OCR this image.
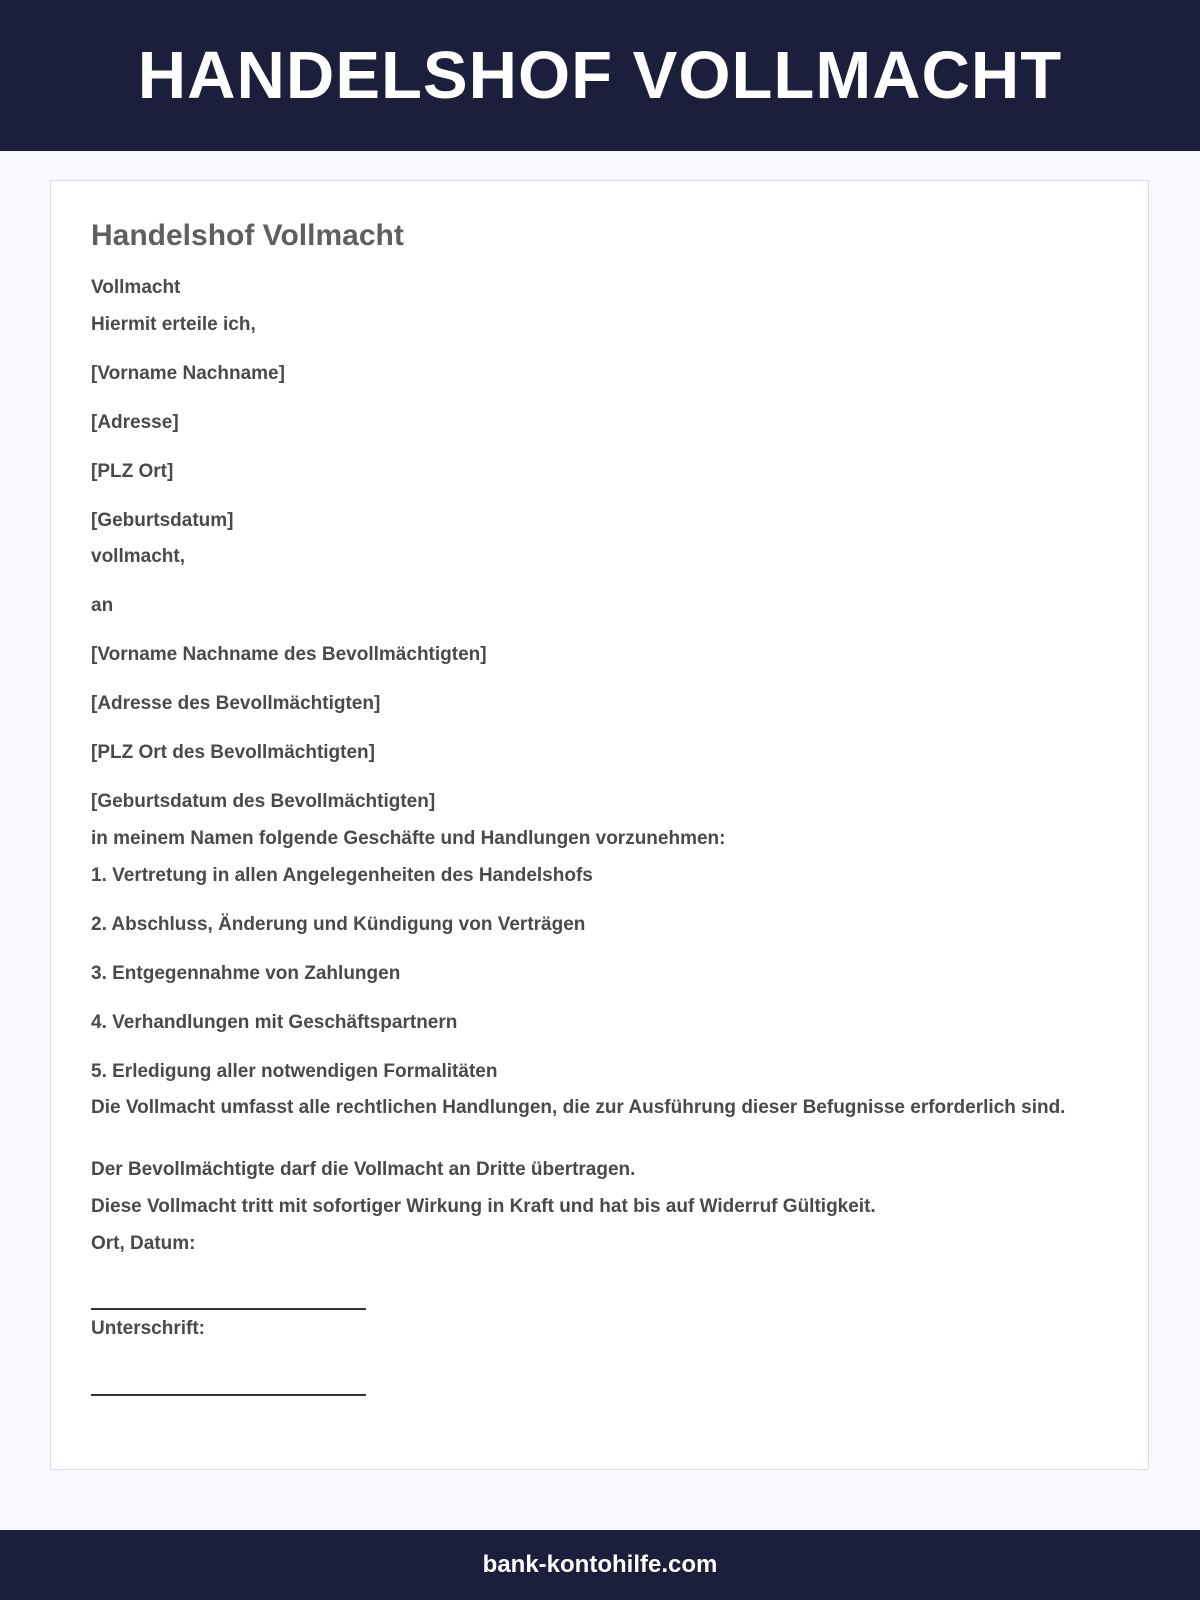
HANDELSHOF VOLLMACHT
Handelshof Vollmacht

Vollmacht

Hiermit erteile ich,

[Vorname Nachname]

[Adresse]

[PLZ Ort]

[Geburtsdatum]

vollmacht,

an

[Vorname Nachname des Bevollmächtigten]

[Adresse des Bevollmächtigten]

[PLZ Ort des Bevollmächtigten]

[Geburtsdatum des Bevollmächtigten]

in meinem Namen folgende Geschäfte und Handlungen vorzunehmen:

1. Vertretung in allen Angelegenheiten des Handelshofs

2. Abschluss, Änderung und Kündigung von Verträgen

3. Entgegennahme von Zahlungen

4. Verhandlungen mit Geschäftspartnern

5. Erledigung aller notwendigen Formalitäten

Die Vollmacht umfasst alle rechtlichen Handlungen, die zur Ausführung dieser Befugnisse erforderlich sind.

Der Bevollmächtigte darf die Vollmacht an Dritte übertragen.

Diese Vollmacht tritt mit sofortiger Wirkung in Kraft und hat bis auf Widerruf Gültigkeit.

Ort, Datum:

Unterschrift:

bank-kontohilfe.com
